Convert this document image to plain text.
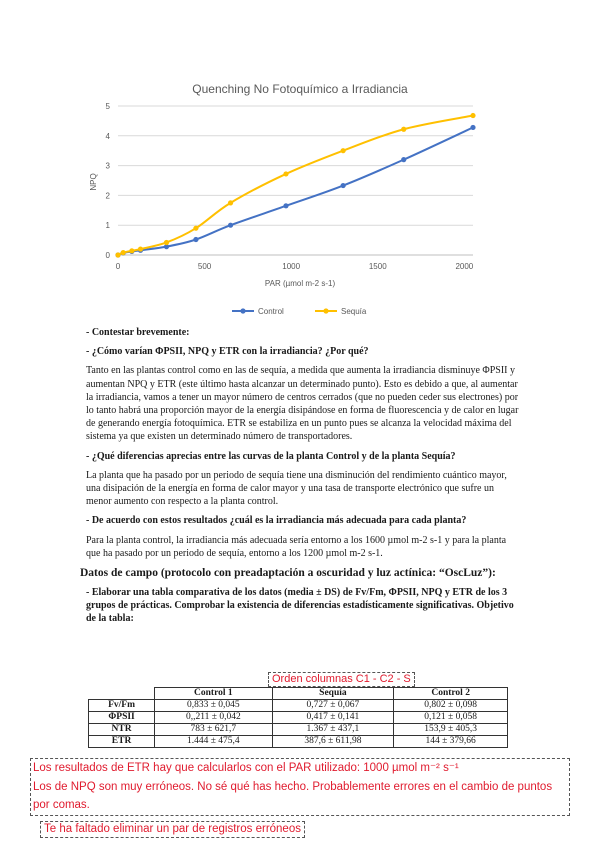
Quenching No Fotoquímico a Irradiancia
0
1
2
3
4
5
0	500	1000	1500	2000
NPQ
PAR (µmol m-2 s-1)
Control	Sequía

- Contestar brevemente:

- ¿Cómo varían ΦPSII, NPQ y ETR con la irradiancia? ¿Por qué?

Tanto en las plantas control como en las de sequía, a medida que aumenta la irradiancia disminuye ΦPSII y aumentan NPQ y ETR (este último hasta alcanzar un determinado punto). Esto es debido a que, al aumentar la irradiancia, vamos a tener un mayor número de centros cerrados (que no pueden ceder sus electrones) por lo tanto habrá una proporción mayor de la energía disipándose en forma de fluorescencia y de calor en lugar de generando energía fotoquímica. ETR se estabiliza en un punto pues se alcanza la velocidad máxima del sistema ya que existen un determinado número de transportadores.

- ¿Qué diferencias aprecias entre las curvas de la planta Control y de la planta Sequía?

La planta que ha pasado por un periodo de sequía tiene una disminución del rendimiento cuántico mayor, una disipación de la energía en forma de calor mayor y una tasa de transporte electrónico que sufre un menor aumento con respecto a la planta control.

- De acuerdo con estos resultados ¿cuál es la irradiancia más adecuada para cada planta?

Para la planta control, la irradiancia más adecuada sería entorno a los 1600 µmol m-2 s-1 y para la planta que ha pasado por un periodo de sequía, entorno a los 1200 µmol m-2 s-1.

Datos de campo (protocolo con preadaptación a oscuridad y luz actínica: “OscLuz”):

- Elaborar una tabla comparativa de los datos (media ± DS) de Fv/Fm, ΦPSII, NPQ y ETR de los 3 grupos de prácticas. Comprobar la existencia de diferencias estadísticamente significativas. Objetivo de la tabla:

	Control 1	Sequía	Control 2
Fv/Fm	0,833 ± 0,045	0,727 ± 0,067	0,802 ± 0,098
ΦPSII	0,,211 ± 0,042	0,417 ± 0,141	0,121 ± 0,058
NTR	783 ± 621,7	1.367 ± 437,1	153,9 ± 405,3
ETR	1.444 ± 475,4	387,6 ± 611,98	144 ± 379,66
Orden columnas C1 - C2 - S
Los resultados de ETR hay que calcularlos con el PAR utilizado: 1000 µmol m⁻² s⁻¹
Los de NPQ son muy erróneos. No sé qué has hecho. Probablemente errores en el cambio de puntos por comas.
Te ha faltado eliminar un par de registros erróneos
